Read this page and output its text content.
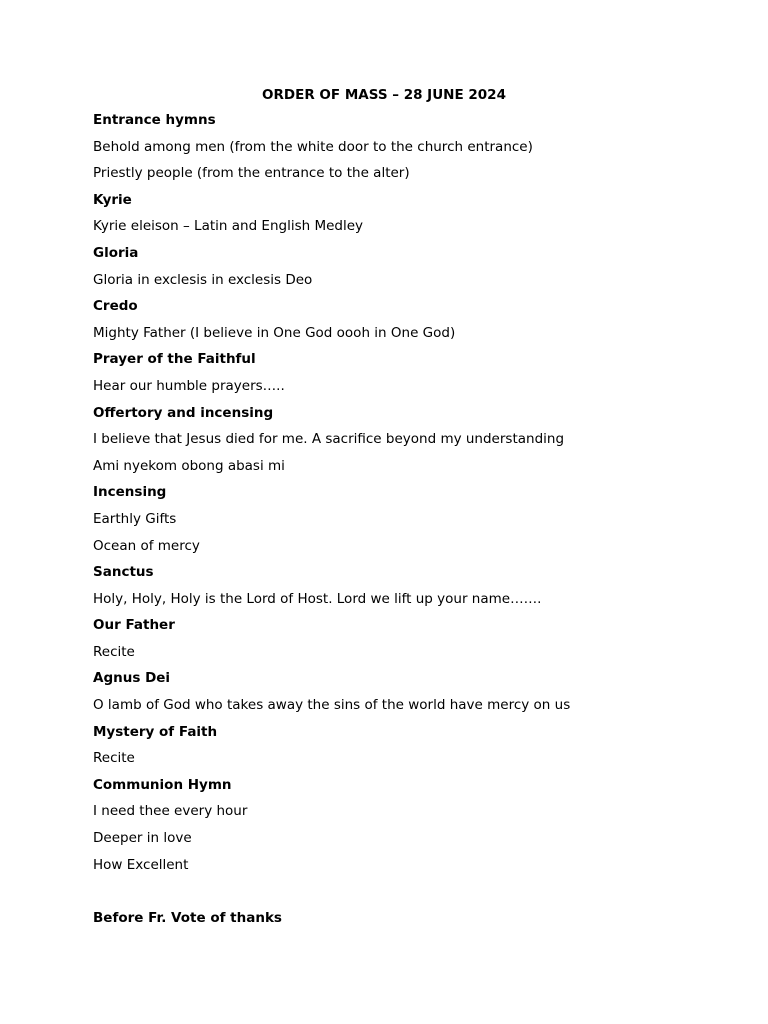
ORDER OF MASS – 28 JUNE 2024

Entrance hymns

Behold among men (from the white door to the church entrance)

Priestly people (from the entrance to the alter)

Kyrie

Kyrie eleison – Latin and English Medley

Gloria

Gloria in exclesis in exclesis Deo

Credo

Mighty Father (I believe in One God oooh in One God)

Prayer of the Faithful

Hear our humble prayers…..

Offertory and incensing

I believe that Jesus died for me. A sacrifice beyond my understanding

Ami nyekom obong abasi mi

Incensing

Earthly Gifts

Ocean of mercy

Sanctus

Holy, Holy, Holy is the Lord of Host. Lord we lift up your name…….

Our Father

Recite

Agnus Dei

O lamb of God who takes away the sins of the world have mercy on us

Mystery of Faith

Recite

Communion Hymn

I need thee every hour

Deeper in love

How Excellent

Before Fr. Vote of thanks
